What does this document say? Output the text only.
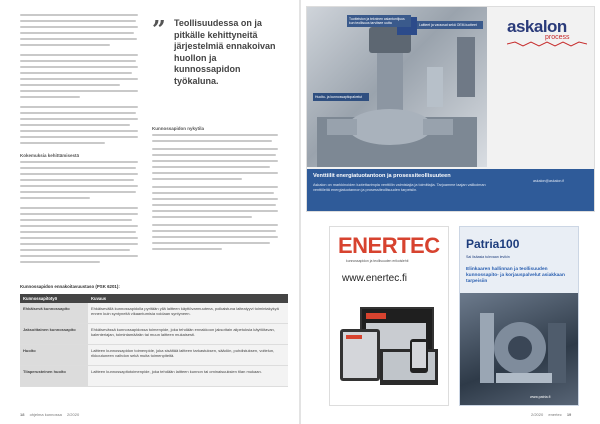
Kokemuksia kehittämisestä
” Teollisuudessa on ja pitkälle kehittyneitä järjestelmiä ennakoivan huollon ja kunnossapidon työkaluna.
Kunnossapidon nykytila
Kunnossapidon ennakoitavuustaso (PSK 6201):
Kunnossapitotyö	Kuvaus
Ehkäisevä kunnossapito	Ehkäisevällä kunnossapidolla pyritään yllä laitteen käyttövarmuutena, poikaistuna laiteaiyyvi toimintakykyä ennen kuin syntyneitä vikaantumisia voidaan syntyneen.
Jaksoittainen kunnossapito	Ehkäisevässä kunnossapidossa toimenpide, joka tehdään ennakkoon jaksottain aiipetuksia käyttötavan, kalenteriajan, toimintamäärän tai muun laitteen mukaisesti.
Huolto	Laitteen kunnossapidon toimenpide, joka sisältää laitteen tarkastuksen, säädön, puhdistuksen, voitelun, rikkoutuneen vaihdon sekä muita toimenpiteitä.
Tilaperusteinen huolto	Laitteen kunnossapitotoimenpide, joka tehdään laitteen kunnon tai ominaisuuksien tilan mukaan.
18 ohjelma kunnossa 2/2020
Tuotteiston ja tekninen asiantuntijuus kun teollisuus tarvitsee uutta	Laitteet ja varaosat sekä OEM-tuotteet
Huolto- ja kunnossapitopalvelut
askalon
process
Venttiilit energiatuotantoon ja prosessiteollisuuteen
Askalon on markkinoiden luotettavimpia venttiilin valmistajia ja toimittajia. Tarjoamme laajan valikoiman venttiileitä energiatuotannon ja prosessiteollisuuden tarpeisiin.
askalon@askalon.fi
ENERTEC
kunnossapidon ja teollisuuden erikoislehti
www.enertec.fi
Patria100
Sai lisäasia tulevaan levikin
Elinkaaren hallinnan ja teollisuuden kunnossapito- ja korjauspalvelut asiakkaan tarpeisiin
www.patria.fi
2/2020 enertec 19
